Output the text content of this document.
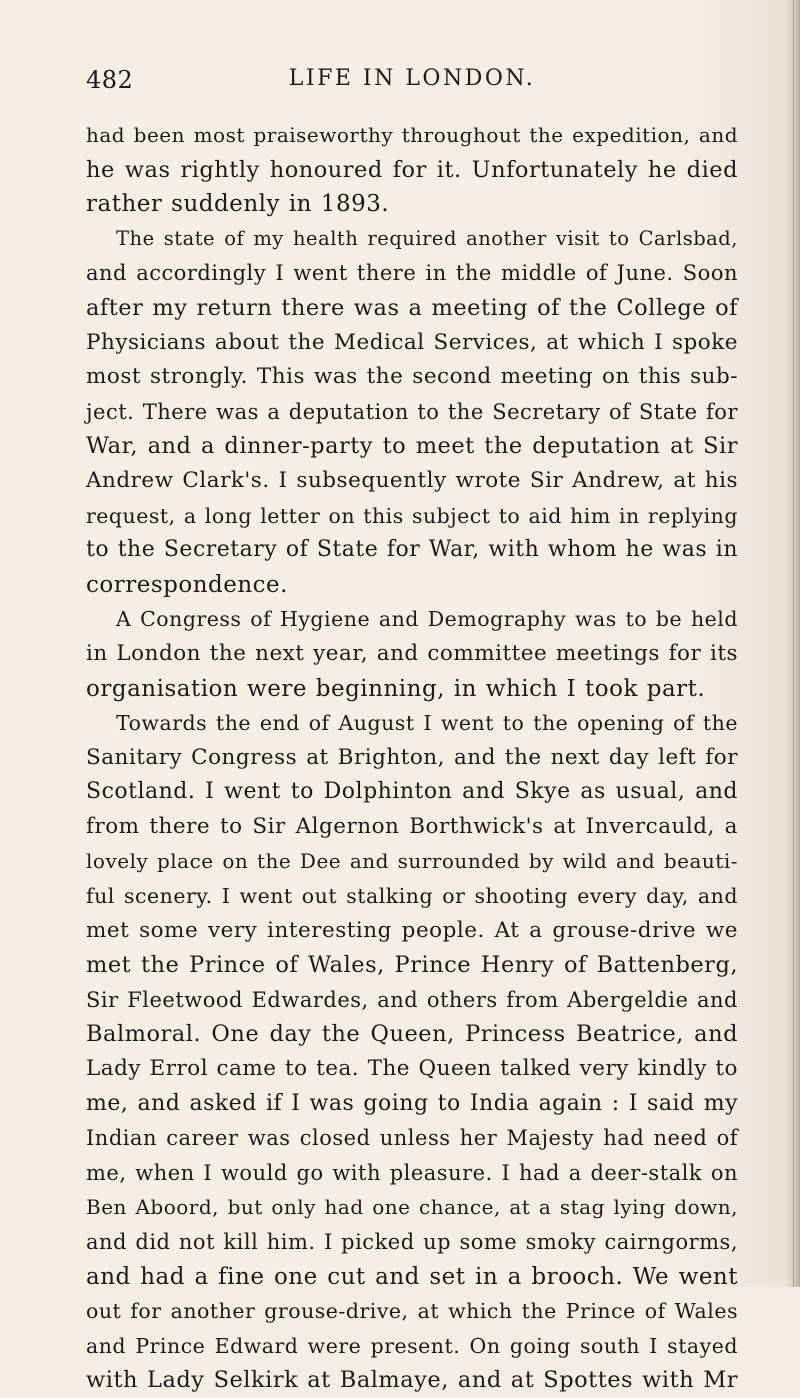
482	LIFE IN LONDON.
had been most praiseworthy throughout the expedition, and
he was rightly honoured for it. Unfortunately he died
rather suddenly in 1893.
The state of my health required another visit to Carlsbad,
and accordingly I went there in the middle of June. Soon
after my return there was a meeting of the College of
Physicians about the Medical Services, at which I spoke
most strongly. This was the second meeting on this sub-
ject. There was a deputation to the Secretary of State for
War, and a dinner-party to meet the deputation at Sir
Andrew Clark's. I subsequently wrote Sir Andrew, at his
request, a long letter on this subject to aid him in replying
to the Secretary of State for War, with whom he was in
correspondence.
A Congress of Hygiene and Demography was to be held
in London the next year, and committee meetings for its
organisation were beginning, in which I took part.
Towards the end of August I went to the opening of the
Sanitary Congress at Brighton, and the next day left for
Scotland. I went to Dolphinton and Skye as usual, and
from there to Sir Algernon Borthwick's at Invercauld, a
lovely place on the Dee and surrounded by wild and beauti-
ful scenery. I went out stalking or shooting every day, and
met some very interesting people. At a grouse-drive we
met the Prince of Wales, Prince Henry of Battenberg,
Sir Fleetwood Edwardes, and others from Abergeldie and
Balmoral. One day the Queen, Princess Beatrice, and
Lady Errol came to tea. The Queen talked very kindly to
me, and asked if I was going to India again : I said my
Indian career was closed unless her Majesty had need of
me, when I would go with pleasure. I had a deer-stalk on
Ben Aboord, but only had one chance, at a stag lying down,
and did not kill him. I picked up some smoky cairngorms,
and had a fine one cut and set in a brooch. We went
out for another grouse-drive, at which the Prince of Wales
and Prince Edward were present. On going south I stayed
with Lady Selkirk at Balmaye, and at Spottes with Mr
